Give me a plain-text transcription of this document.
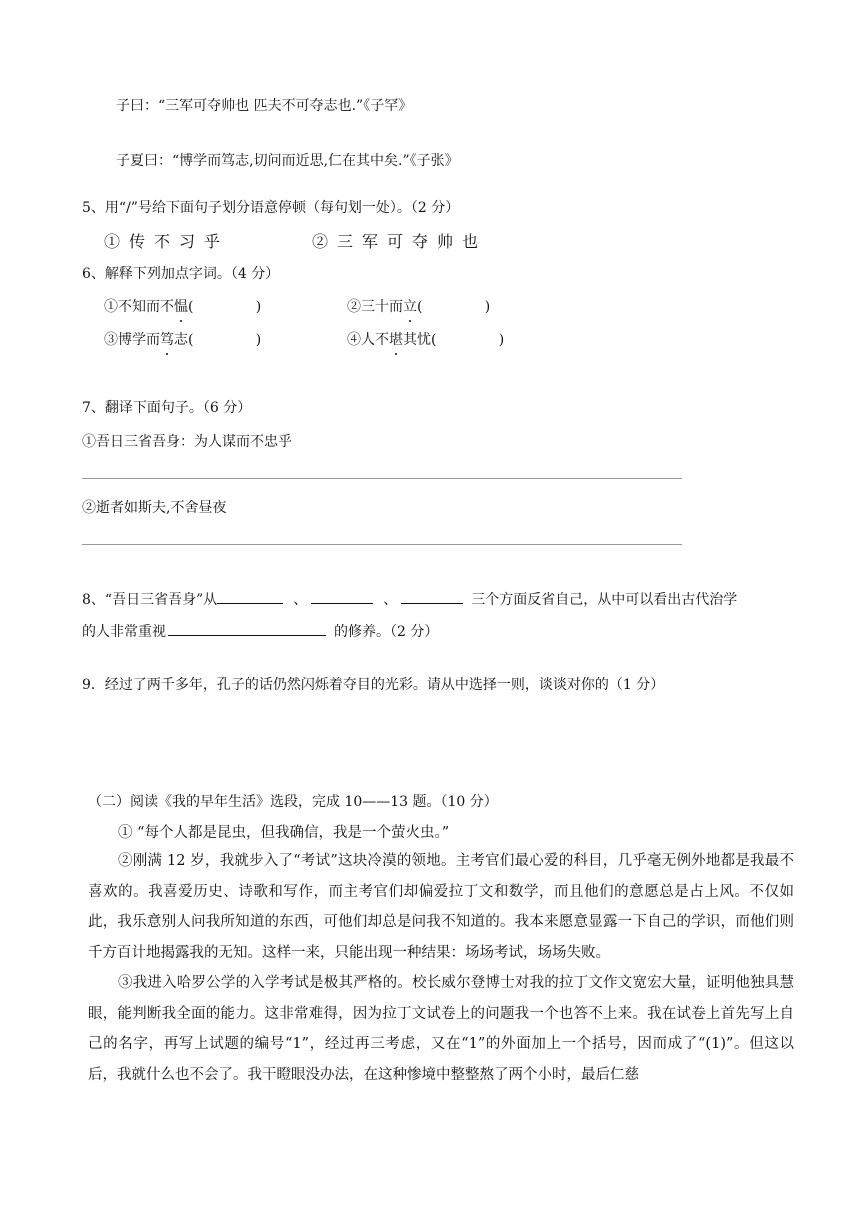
子曰：“三军可夺帅也 匹夫不可夺志也.”《子罕》
子夏曰：“博学而笃志,切问而近思,仁在其中矣.”《子张》
5、用“/”号给下面句子划分语意停顿（每句划一处）。（2 分）
①传不习乎	②三军可夺帅也
6、解释下列加点字词。（4 分）
①不知而不愠(              )	②三十而立(              )
③博学而笃志(              )	④人不堪其忧(              )
7、翻译下面句子。（6 分）
①吾日三省吾身：为人谋而不忠乎
②逝者如斯夫,不舍昼夜
8、“吾日三省吾身”从	、	、	三个方面反省自己，从中可以看出古代治学
的人非常重视	的修养。（2 分）
9．经过了两千多年，孔子的话仍然闪烁着夺目的光彩。请从中选择一则，谈谈对你的（1 分）
（二）阅读《我的早年生活》选段，完成 10——13 题。（10 分）
① “每个人都是昆虫，但我确信，我是一个萤火虫。”
②刚满 12 岁，我就步入了“考试”这块冷漠的领地。主考官们最心爱的科目，几乎毫无例外地都是我最不喜欢的。我喜爱历史、诗歌和写作，而主考官们却偏爱拉丁文和数学，而且他们的意愿总是占上风。不仅如此，我乐意别人问我所知道的东西，可他们却总是问我不知道的。我本来愿意显露一下自己的学识，而他们则千方百计地揭露我的无知。这样一来，只能出现一种结果：场场考试，场场失败。
③我进入哈罗公学的入学考试是极其严格的。校长威尔登博士对我的拉丁文作文宽宏大量，证明他独具慧眼，能判断我全面的能力。这非常难得，因为拉丁文试卷上的问题我一个也答不上来。我在试卷上首先写上自己的名字，再写上试题的编号“1”，经过再三考虑，又在“1”的外面加上一个括号，因而成了“(1)”。但这以后，我就什么也不会了。我干瞪眼没办法，在这种惨境中整整熬了两个小时，最后仁慈
